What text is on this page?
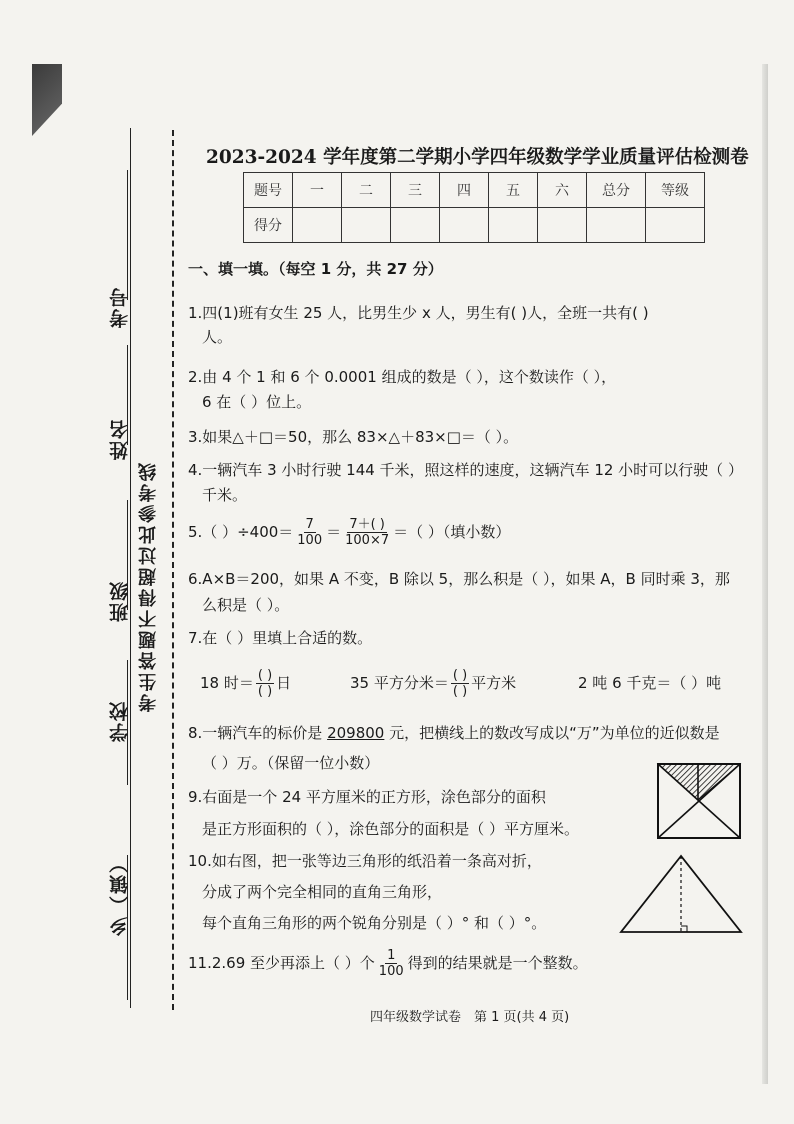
考号
姓名
班级
学校
乡（镇）
考生答题不得超过此参考线
2023-2024 学年度第二学期小学四年级数学学业质量评估检测卷
题号	一	二	三	四	五	六	总分	等级
得分								
一、填一填。（每空 1 分，共 27 分）
1.四(1)班有女生 25 人，比男生少 x 人，男生有( )人，全班一共有( )
人。
2.由 4 个 1 和 6 个 0.0001 组成的数是（ ），这个数读作（ ），
6 在（ ）位上。
3.如果△＋□＝50，那么 83×△＋83×□＝（ ）。
4.一辆汽车 3 小时行驶 144 千米，照这样的速度，这辆汽车 12 小时可以行驶（ ）
千米。
5.（ ）$\div 400= \frac{7}{100} = \frac{7+( )}{100\times 7}$ ＝（ ）（填小数）
6.A×B＝200，如果 A 不变，B 除以 5，那么积是（ ），如果 A，B 同时乘 3，那
么积是（ ）。
7.在（ ）里填上合适的数。
18 时＝ $\frac{( )}{( )}$ 日	35 平方分米＝ $\frac{( )}{( )}$ 平方米	2 吨 6 千克＝（ ）吨
8.一辆汽车的标价是 209800 元，把横线上的数改写成以“万”为单位的近似数是
（ ）万。（保留一位小数）
9.右面是一个 24 平方厘米的正方形，涂色部分的面积
是正方形面积的（ ），涂色部分的面积是（ ）平方厘米。
10.如右图，把一张等边三角形的纸沿着一条高对折，
分成了两个完全相同的直角三角形，
每个直角三角形的两个锐角分别是（ ）° 和（ ）°。
11.2.69 至少再添上（ ）个 $\frac{1}{100}$ 得到的结果就是一个整数。
四年级数学试卷　第 1 页(共 4 页)
